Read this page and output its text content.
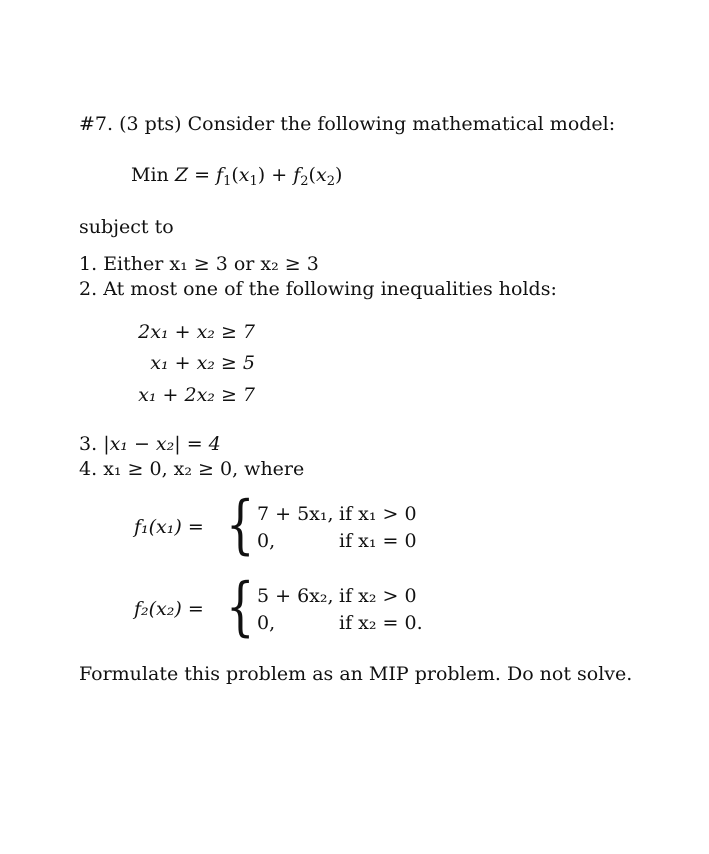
#7. (3 pts) Consider the following mathematical model:
Min $Z = f_1(x_1) + f_2(x_2)$
subject to
1. Either x₁ ≥ 3 or x₂ ≥ 3
2. At most one of the following inequalities holds:
2x₁ + x₂ ≥ 7
x₁ + x₂ ≥ 5
x₁ + 2x₂ ≥ 7
3. |x₁ − x₂| = 4
4. x₁ ≥ 0, x₂ ≥ 0, where
f₁(x₁) = { 7 + 5x₁, if x₁ > 0
0,	if x₁ = 0
f₂(x₂) = { 5 + 6x₂, if x₂ > 0
0,	if x₂ = 0.
Formulate this problem as an MIP problem. Do not solve.
